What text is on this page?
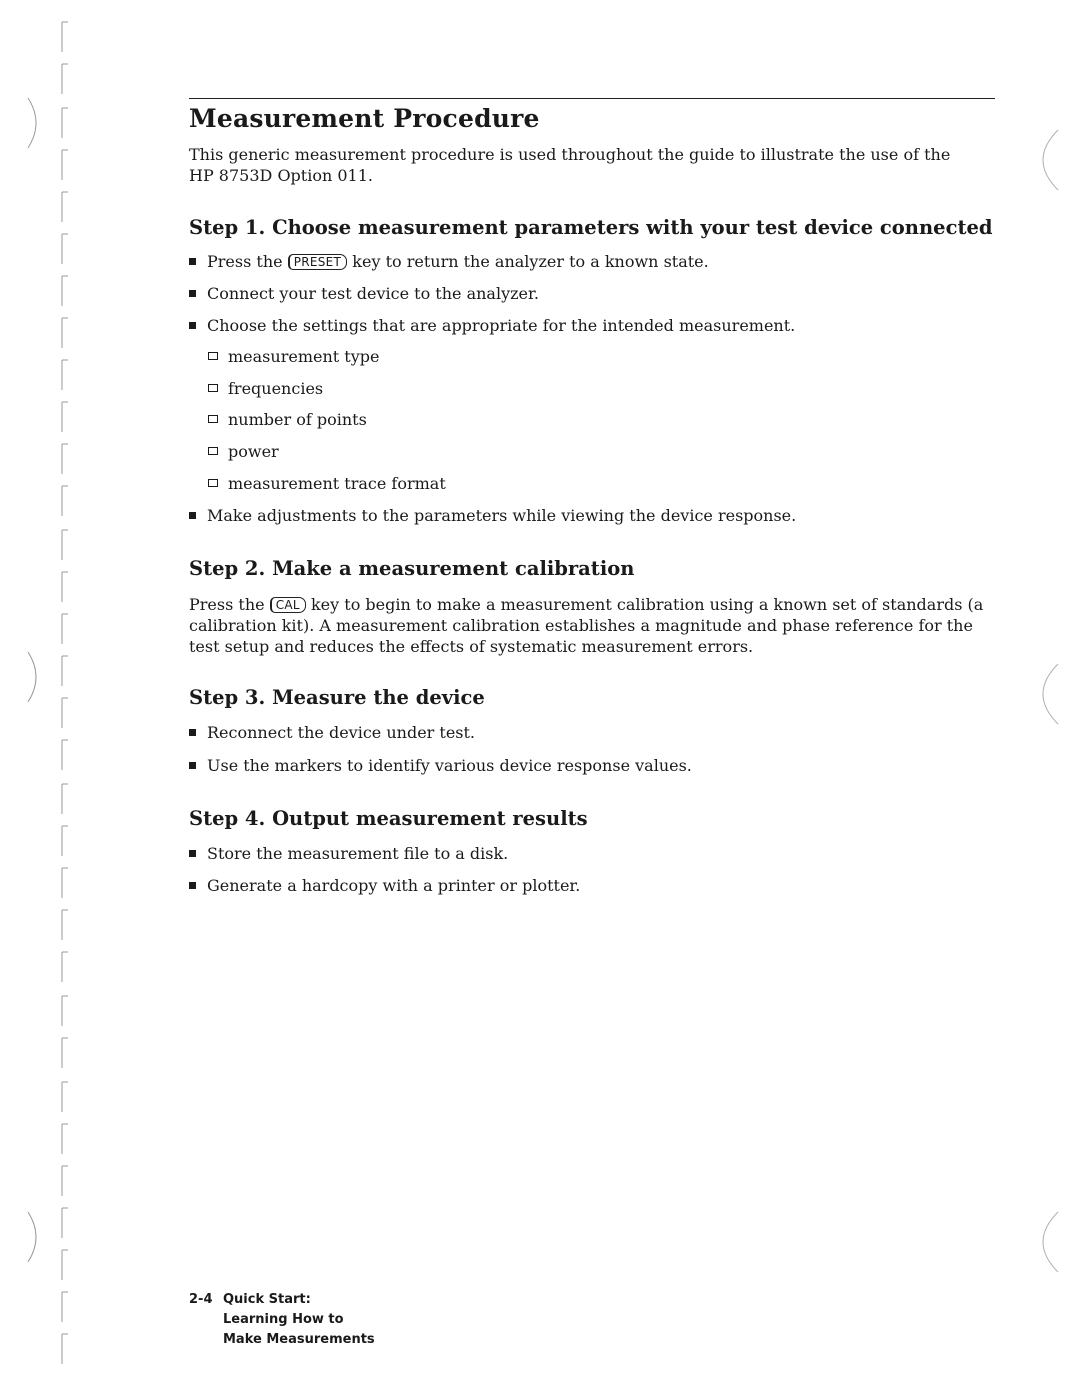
Measurement Procedure

This generic measurement procedure is used throughout the guide to illustrate the use of the HP 8753D Option 011.

Step 1. Choose measurement parameters with your test device connected
Press the PRESET key to return the analyzer to a known state.
Connect your test device to the analyzer.
Choose the settings that are appropriate for the intended measurement.
measurement type
frequencies
number of points
power
measurement trace format
Make adjustments to the parameters while viewing the device response.
Step 2. Make a measurement calibration

Press the CAL key to begin to make a measurement calibration using a known set of standards (a calibration kit). A measurement calibration establishes a magnitude and phase reference for the test setup and reduces the effects of systematic measurement errors.

Step 3. Measure the device
Reconnect the device under test.
Use the markers to identify various device response values.
Step 4. Output measurement results
Store the measurement file to a disk.
Generate a hardcopy with a printer or plotter.
2-4 Quick Start:
Learning How to
Make Measurements
